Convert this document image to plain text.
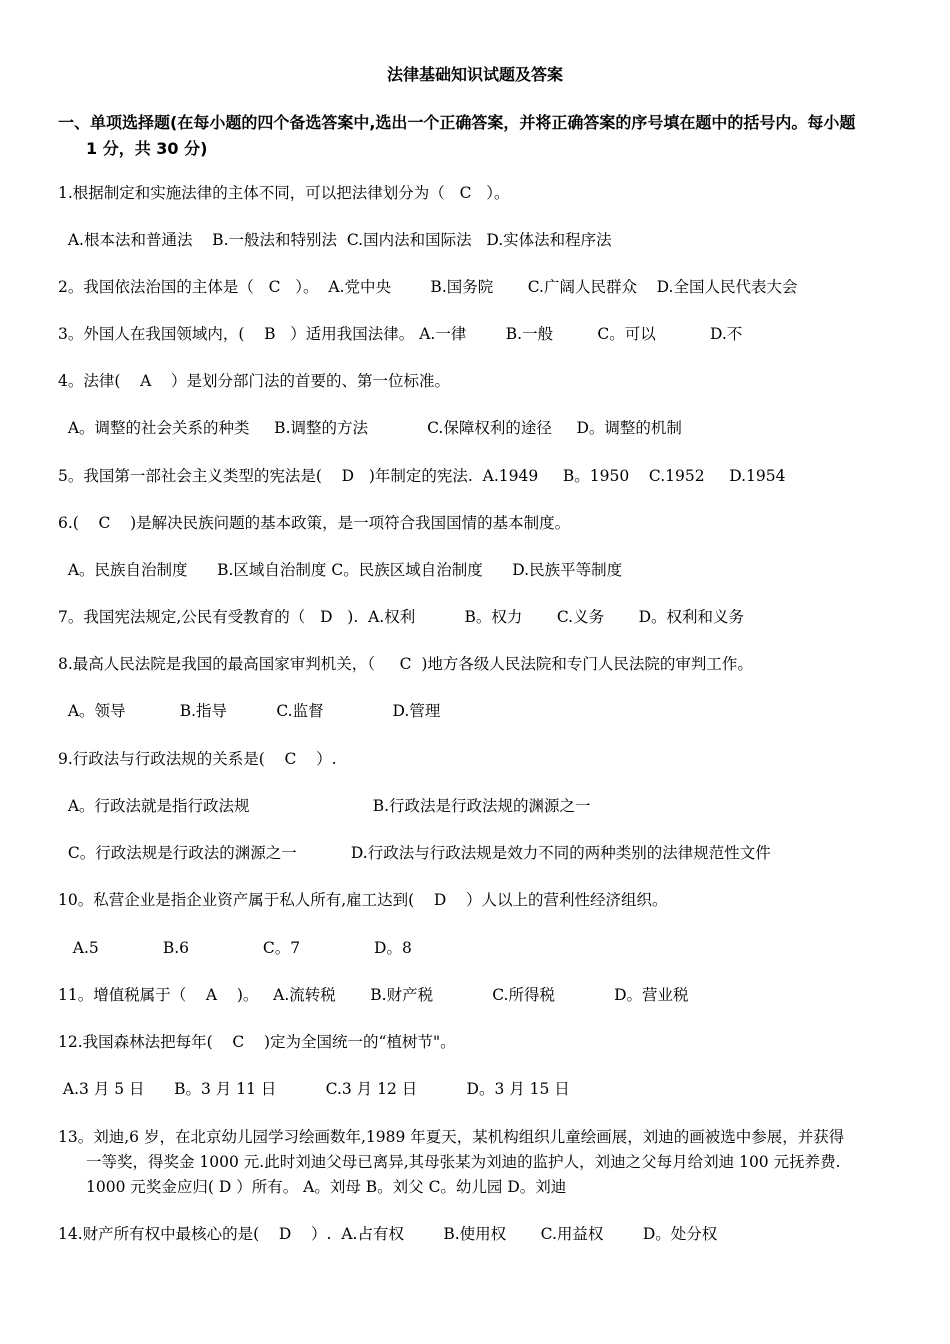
法律基础知识试题及答案
一、单项选择题(在每小题的四个备选答案中,选出一个正确答案，并将正确答案的序号填在题中的括号内。每小题
1 分，共 30 分)
1.根据制定和实施法律的主体不同，可以把法律划分为（   C   ）。
A.根本法和普通法    B.一般法和特别法  C.国内法和国际法   D.实体法和程序法
2。我国依法治国的主体是（   C   ）。  A.党中央        B.国务院       C.广阔人民群众    D.全国人民代表大会
3。外国人在我国领域内，(    B   ）适用我国法律。 A.一律        B.一般         C。可以           D.不
4。法律(    A    ）是划分部门法的首要的、第一位标准。
A。调整的社会关系的种类     B.调整的方法            C.保障权利的途径     D。调整的机制
5。我国第一部社会主义类型的宪法是(    D   )年制定的宪法.  A.1949     B。1950    C.1952     D.1954
6.(    C    )是解决民族问题的基本政策，是一项符合我国国情的基本制度。
A。民族自治制度      B.区域自治制度 C。民族区域自治制度      D.民族平等制度
7。我国宪法规定,公民有受教育的（   D   ).  A.权利          B。权力       C.义务       D。权利和义务
8.最高人民法院是我国的最高国家审判机关，（     C  )地方各级人民法院和专门人民法院的审判工作。
A。领导           B.指导          C.监督              D.管理
9.行政法与行政法规的关系是(    C    ）.
A。行政法就是指行政法规                         B.行政法是行政法规的渊源之一
C。行政法规是行政法的渊源之一           D.行政法与行政法规是效力不同的两种类别的法律规范性文件
10。私营企业是指企业资产属于私人所有,雇工达到(    D    ）人以上的营利性经济组织。
A.5             B.6               C。7               D。8
11。增值税属于（    A    )。   A.流转税       B.财产税            C.所得税            D。营业税
12.我国森林法把每年(    C    )定为全国统一的“植树节"。
A.3 月 5 日      B。3 月 11 日          C.3 月 12 日          D。3 月 15 日
13。刘迪,6 岁，在北京幼儿园学习绘画数年,1989 年夏天，某机构组织儿童绘画展，刘迪的画被选中参展，并获得
一等奖，得奖金 1000 元.此时刘迪父母已离异,其母张某为刘迪的监护人，刘迪之父每月给刘迪 100 元抚养费.
1000 元奖金应归( D ）所有。 A。刘母 B。刘父 C。幼儿园 D。刘迪
14.财产所有权中最核心的是(    D    ）.  A.占有权        B.使用权       C.用益权        D。处分权
